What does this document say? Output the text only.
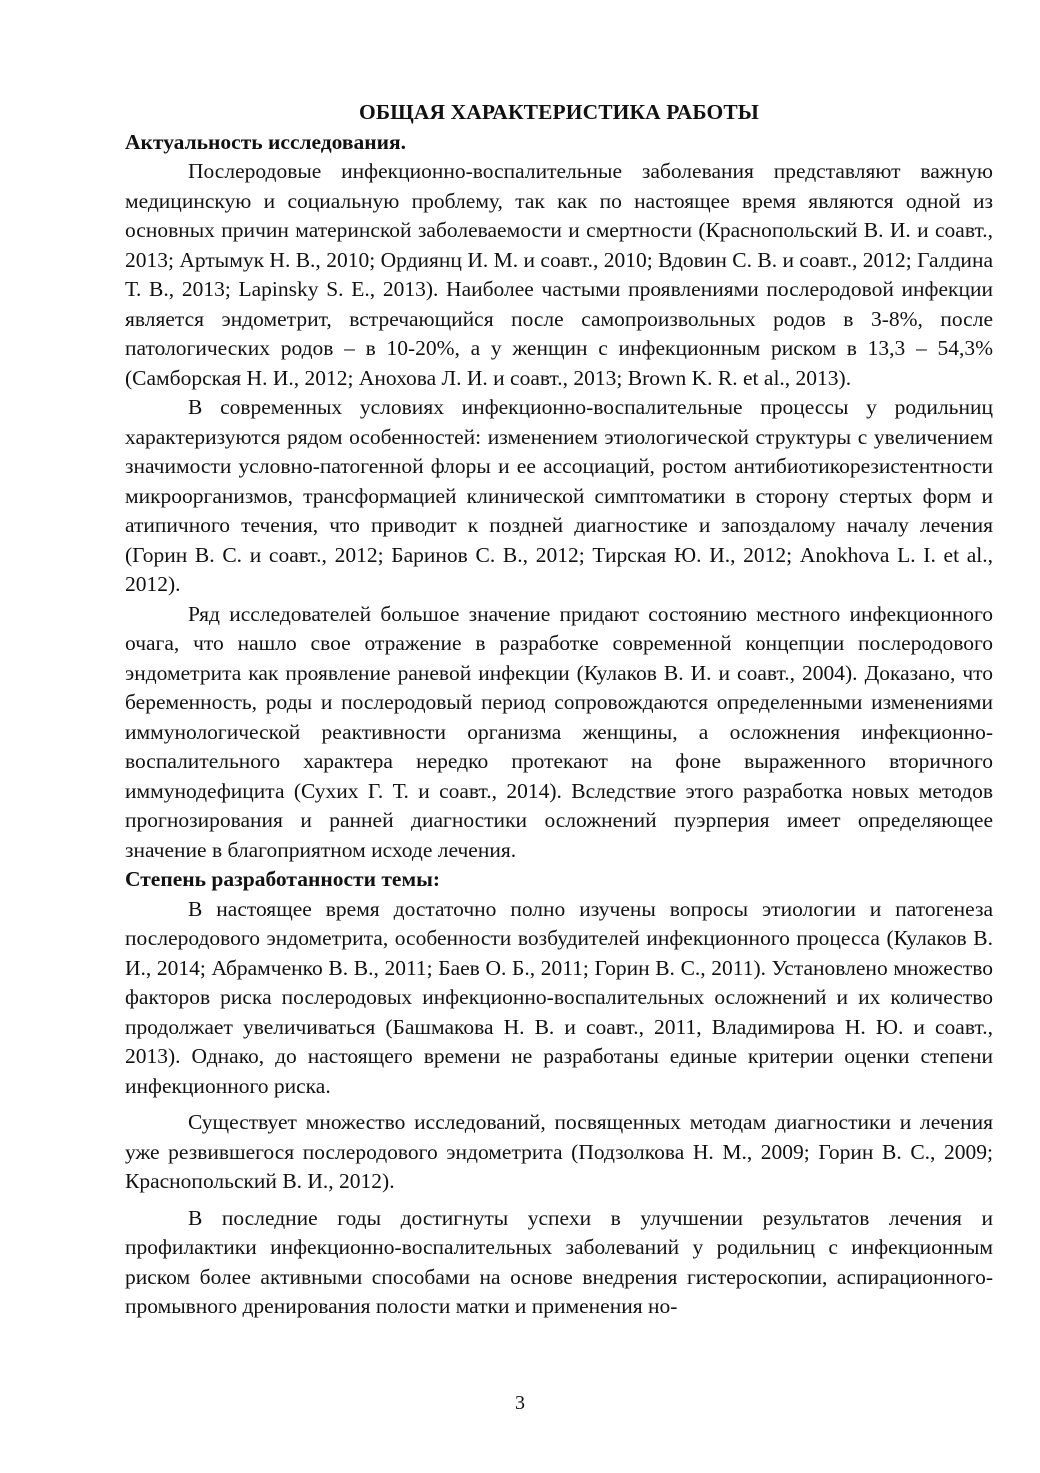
ОБЩАЯ ХАРАКТЕРИСТИКА РАБОТЫ

Актуальность исследования.

Послеродовые инфекционно-воспалительные заболевания представляют важную медицинскую и социальную проблему, так как по настоящее время являются одной из основных причин материнской заболеваемости и смертности (Краснопольский В. И. и соавт., 2013; Артымук Н. В., 2010; Ордиянц И. М. и соавт., 2010; Вдовин С. В. и соавт., 2012; Галдина Т. В., 2013; Lapinsky S. E., 2013). Наиболее частыми проявлениями послеродовой инфекции является эндометрит, встречающийся после самопроизвольных родов в 3-8%, после патологических родов – в 10-20%, а у женщин с инфекционным риском в 13,3 – 54,3% (Самборская Н. И., 2012; Анохова Л. И. и соавт., 2013; Brown K. R. et al., 2013).

В современных условиях инфекционно-воспалительные процессы у родильниц характеризуются рядом особенностей: изменением этиологической структуры с увеличением значимости условно-патогенной флоры и ее ассоциаций, ростом антибиотикорезистентности микроорганизмов, трансформацией клинической симптоматики в сторону стертых форм и атипичного течения, что приводит к поздней диагностике и запоздалому началу лечения (Горин В. С. и соавт., 2012; Баринов С. В., 2012; Тирская Ю. И., 2012; Anokhova L. I. et al., 2012).

Ряд исследователей большое значение придают состоянию местного инфекционного очага, что нашло свое отражение в разработке современной концепции послеродового эндометрита как проявление раневой инфекции (Кулаков В. И. и соавт., 2004). Доказано, что беременность, роды и послеродовый период сопровождаются определенными изменениями иммунологической реактивности организма женщины, а осложнения инфекционно-воспалительного характера нередко протекают на фоне выраженного вторичного иммунодефицита (Сухих Г. Т. и соавт., 2014). Вследствие этого разработка новых методов прогнозирования и ранней диагностики осложнений пуэрперия имеет определяющее значение в благоприятном исходе лечения.

Степень разработанности темы:

В настоящее время достаточно полно изучены вопросы этиологии и патогенеза послеродового эндометрита, особенности возбудителей инфекционного процесса (Кулаков В. И., 2014; Абрамченко В. В., 2011; Баев О. Б., 2011; Горин В. С., 2011). Установлено множество факторов риска послеродовых инфекционно-воспалительных осложнений и их количество продолжает увеличиваться (Башмакова Н. В. и соавт., 2011, Владимирова Н. Ю. и соавт., 2013). Однако, до настоящего времени не разработаны единые критерии оценки степени инфекционного риска.

Существует множество исследований, посвященных методам диагностики и лечения уже резвившегося послеродового эндометрита (Подзолкова Н. М., 2009; Горин В. С., 2009; Краснопольский В. И., 2012).

В последние годы достигнуты успехи в улучшении результатов лечения и профилактики инфекционно-воспалительных заболеваний у родильниц с инфекционным риском более активными способами на основе внедрения гистероскопии, аспирационного-промывного дренирования полости матки и применения но-

3
